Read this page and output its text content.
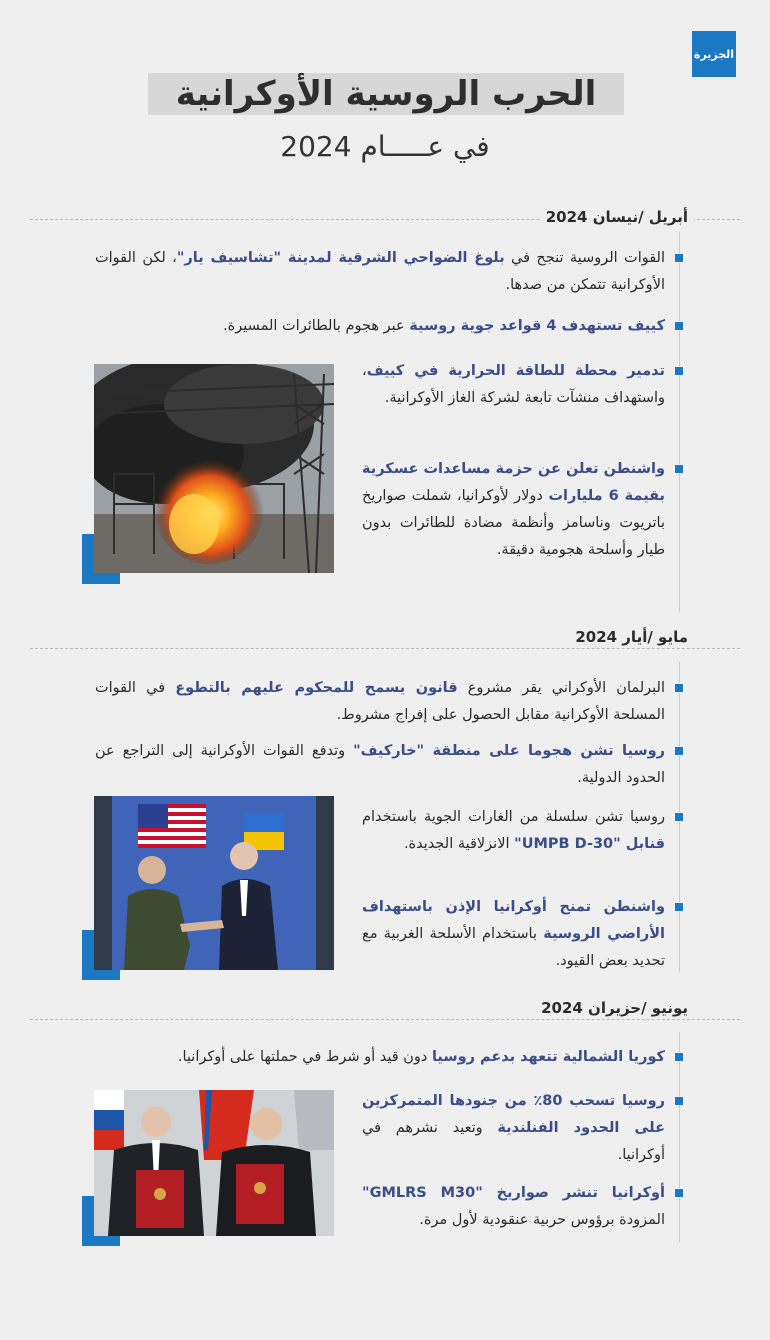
الجزيرة
الحرب الروسية الأوكرانية
في عـــــام 2024
أبريل /نيسان 2024
القوات الروسية تنجح في بلوغ الضواحي الشرقية لمدينة "تشاسيف يار"، لكن القوات الأوكرانية تتمكن من صدها.
كييف تستهدف 4 قواعد جوية روسية عبر هجوم بالطائرات المسيرة.
تدمير محطة للطاقة الحرارية في كييف، واستهداف منشآت تابعة لشركة الغاز الأوكرانية.
واشنطن تعلن عن حزمة مساعدات عسكرية بقيمة 6 مليارات دولار لأوكرانيا، شملت صواريخ باتريوت وناسامز وأنظمة مضادة للطائرات بدون طيار وأسلحة هجومية دقيقة.
مايو /أيار 2024
البرلمان الأوكراني يقر مشروع قانون يسمح للمحكوم عليهم بالتطوع في القوات المسلحة الأوكرانية مقابل الحصول على إفراج مشروط.
روسيا تشن هجوما على منطقة "خاركيف" وتدفع القوات الأوكرانية إلى التراجع عن الحدود الدولية.
روسيا تشن سلسلة من الغارات الجوية باستخدام قنابل "UMPB D-30" الانزلاقية الجديدة.
واشنطن تمنح أوكرانيا الإذن باستهداف الأراضي الروسية باستخدام الأسلحة الغربية مع تحديد بعض القيود.
يونيو /حزيران 2024
كوريا الشمالية تتعهد بدعم روسيا دون قيد أو شرط في حملتها على أوكرانيا.
روسيا تسحب 80٪ من جنودها المتمركزين على الحدود الفنلندية وتعيد نشرهم في أوكرانيا.
أوكرانيا تنشر صواريخ "GMLRS M30" المزودة برؤوس حربية عنقودية لأول مرة.
